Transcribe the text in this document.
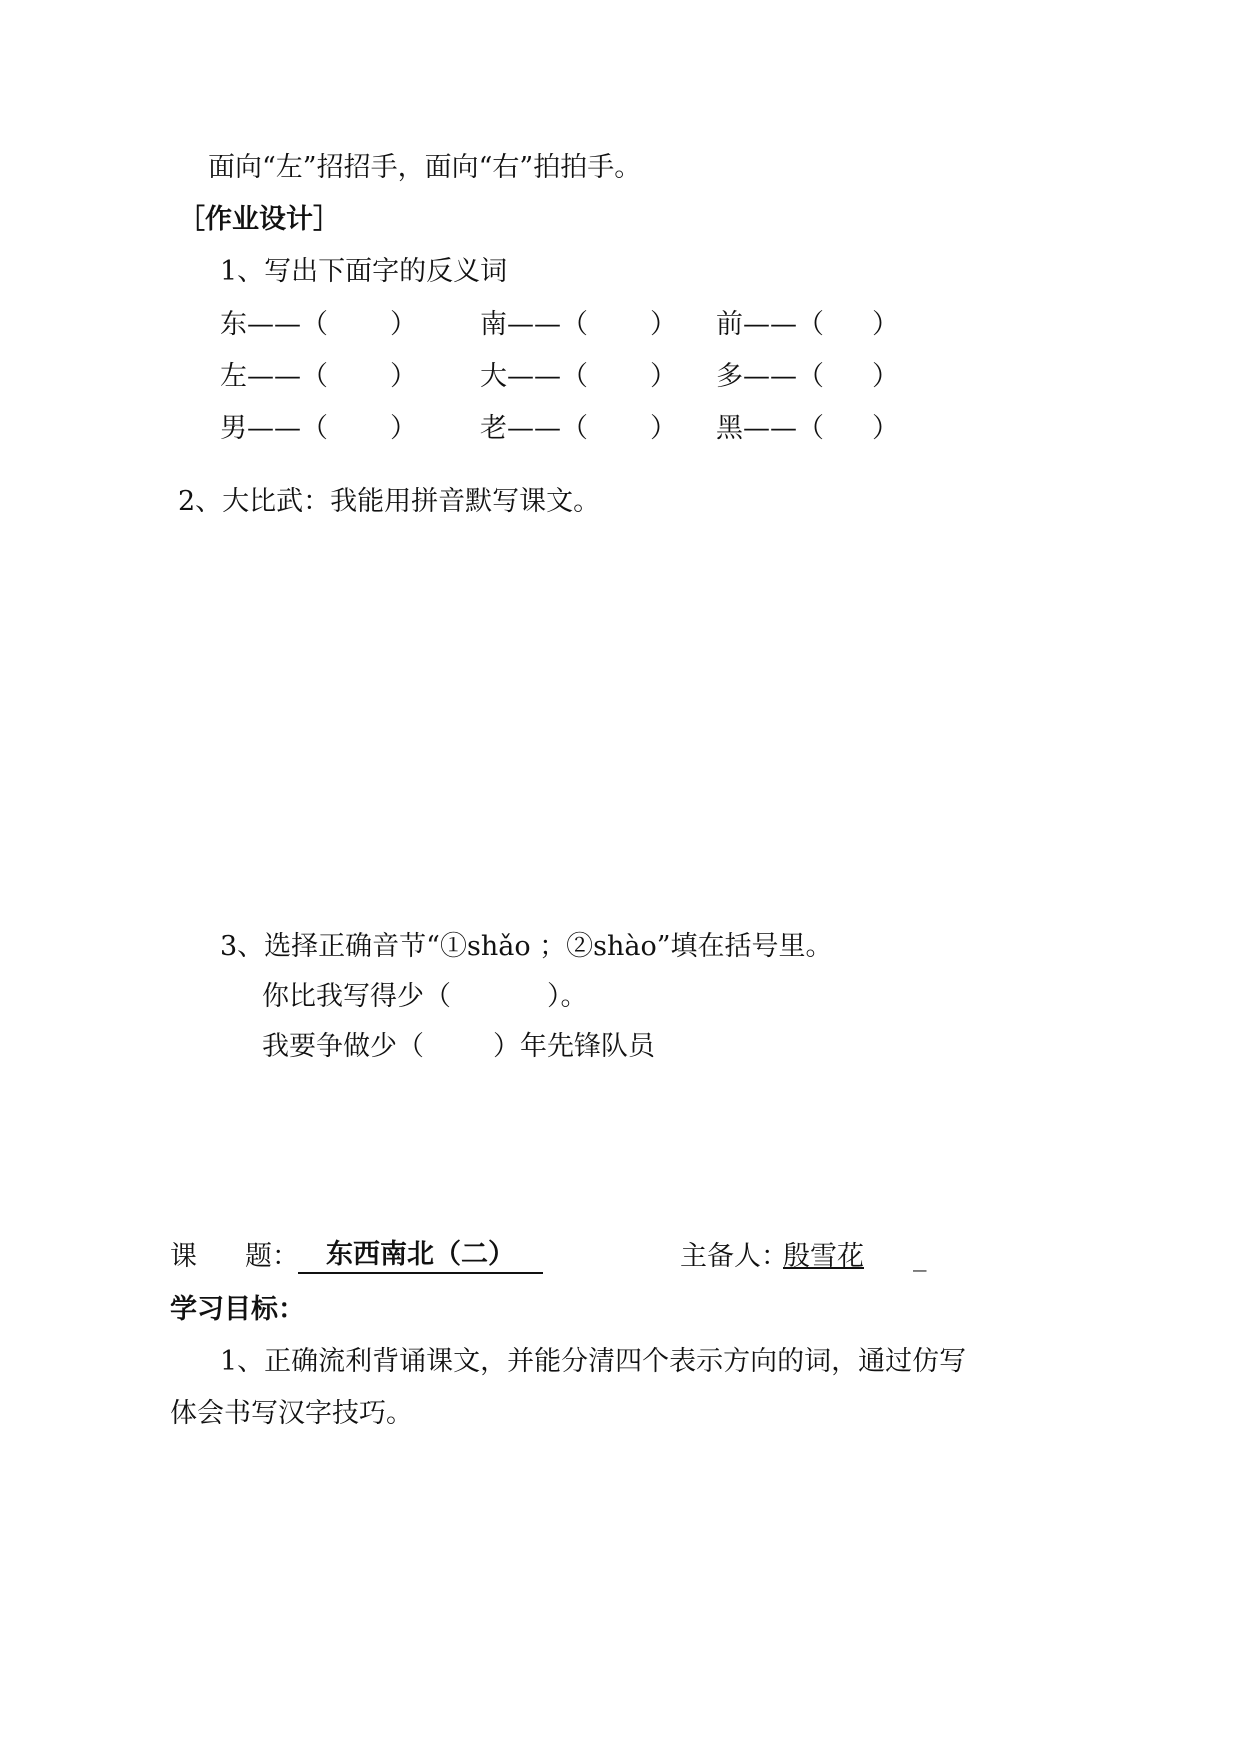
面向“左”招招手，面向“右”拍拍手。
［作业设计］
1、写出下面字的反义词
东——（ ） 南——（ ） 前——（ ）
左——（ ） 大——（ ） 多——（ ）
男——（ ） 老——（ ） 黑——（ ）
2、大比武：我能用拼音默写课文。
3、选择正确音节“①shǎo ；②shào”填在括号里。
你比我写得少（	）。
我要争做少（	）年先锋队员
课 题：	东西南北（二）	主备人：
殷雪花 _
学习目标：
1、正确流利背诵课文，并能分清四个表示方向的词，通过仿写
体会书写汉字技巧。
